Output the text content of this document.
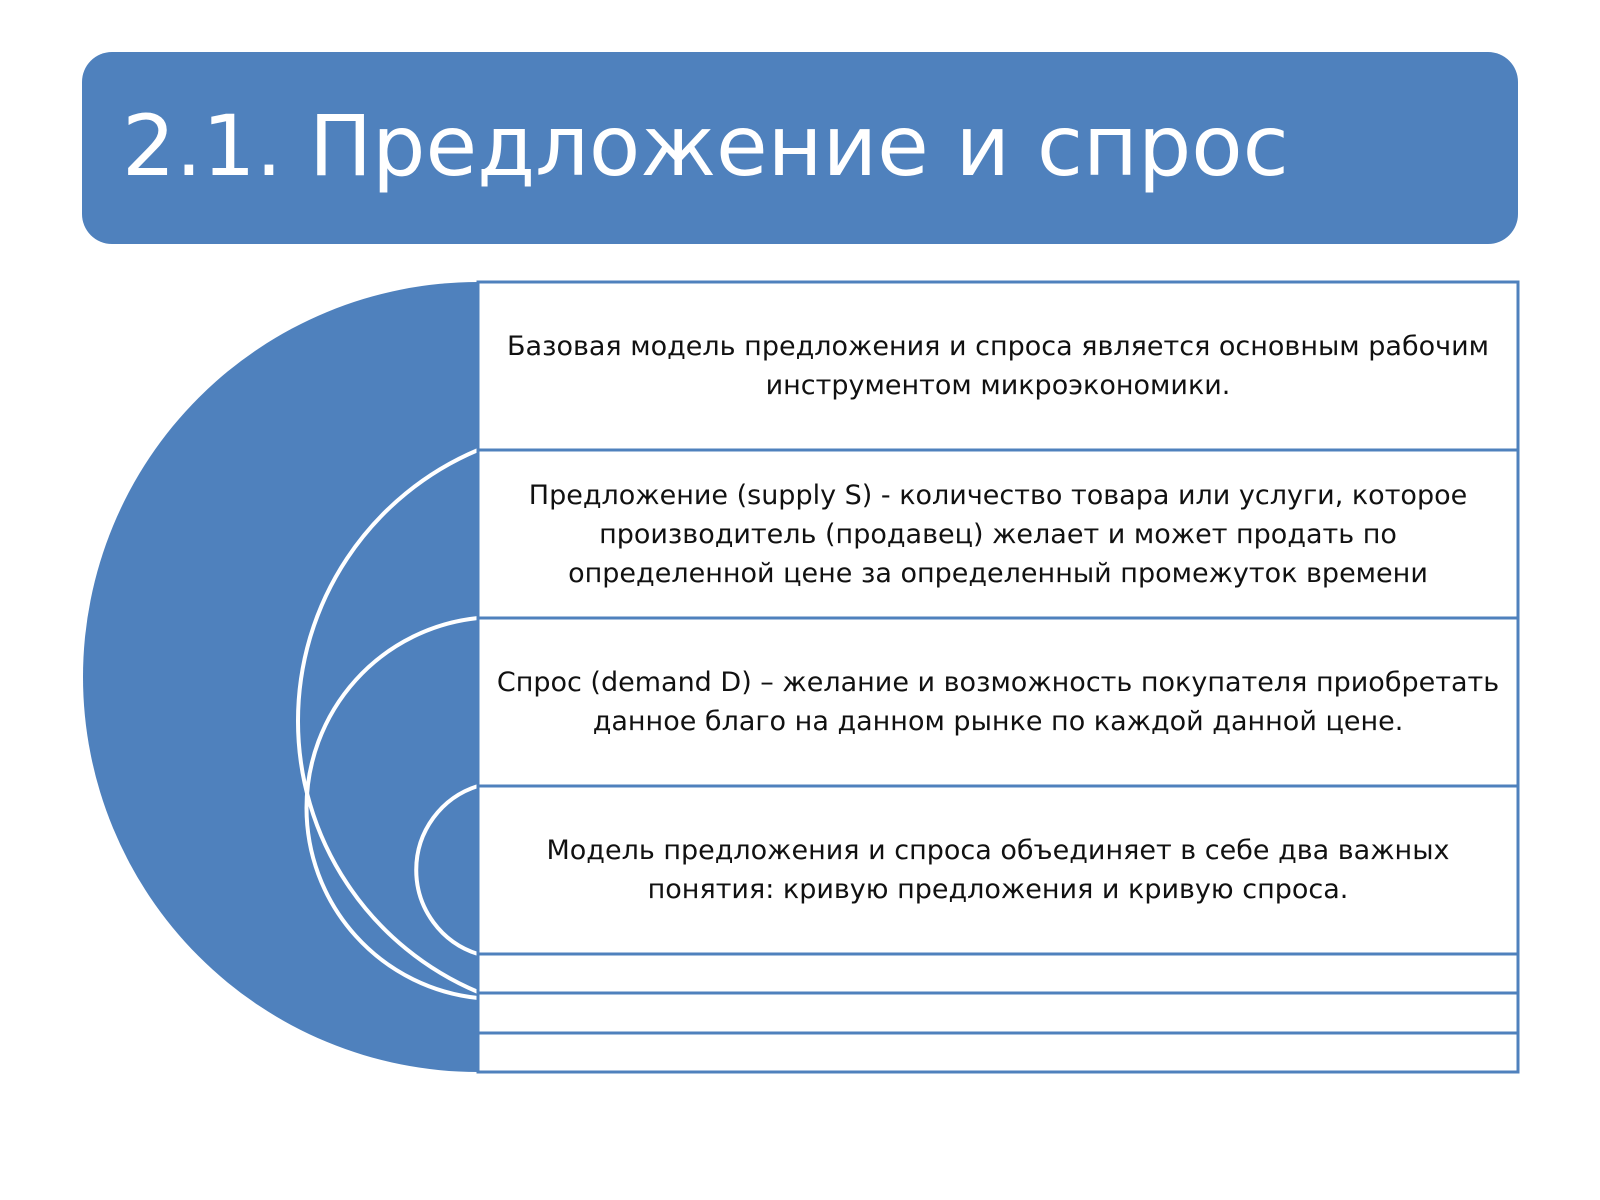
2.1. Предложение и спрос
Базовая модель предложения и спроса является основным рабочим инструментом микроэкономики.
Предложение (supply S) - количество товара или услуги, которое производитель (продавец) желает и может продать по определенной цене за определенный промежуток времени
Спрос (demand D) – желание и возможность покупателя приобретать данное благо на данном рынке по каждой данной цене.
Модель предложения и спроса объединяет в себе два важных понятия: кривую предложения и кривую спроса.
